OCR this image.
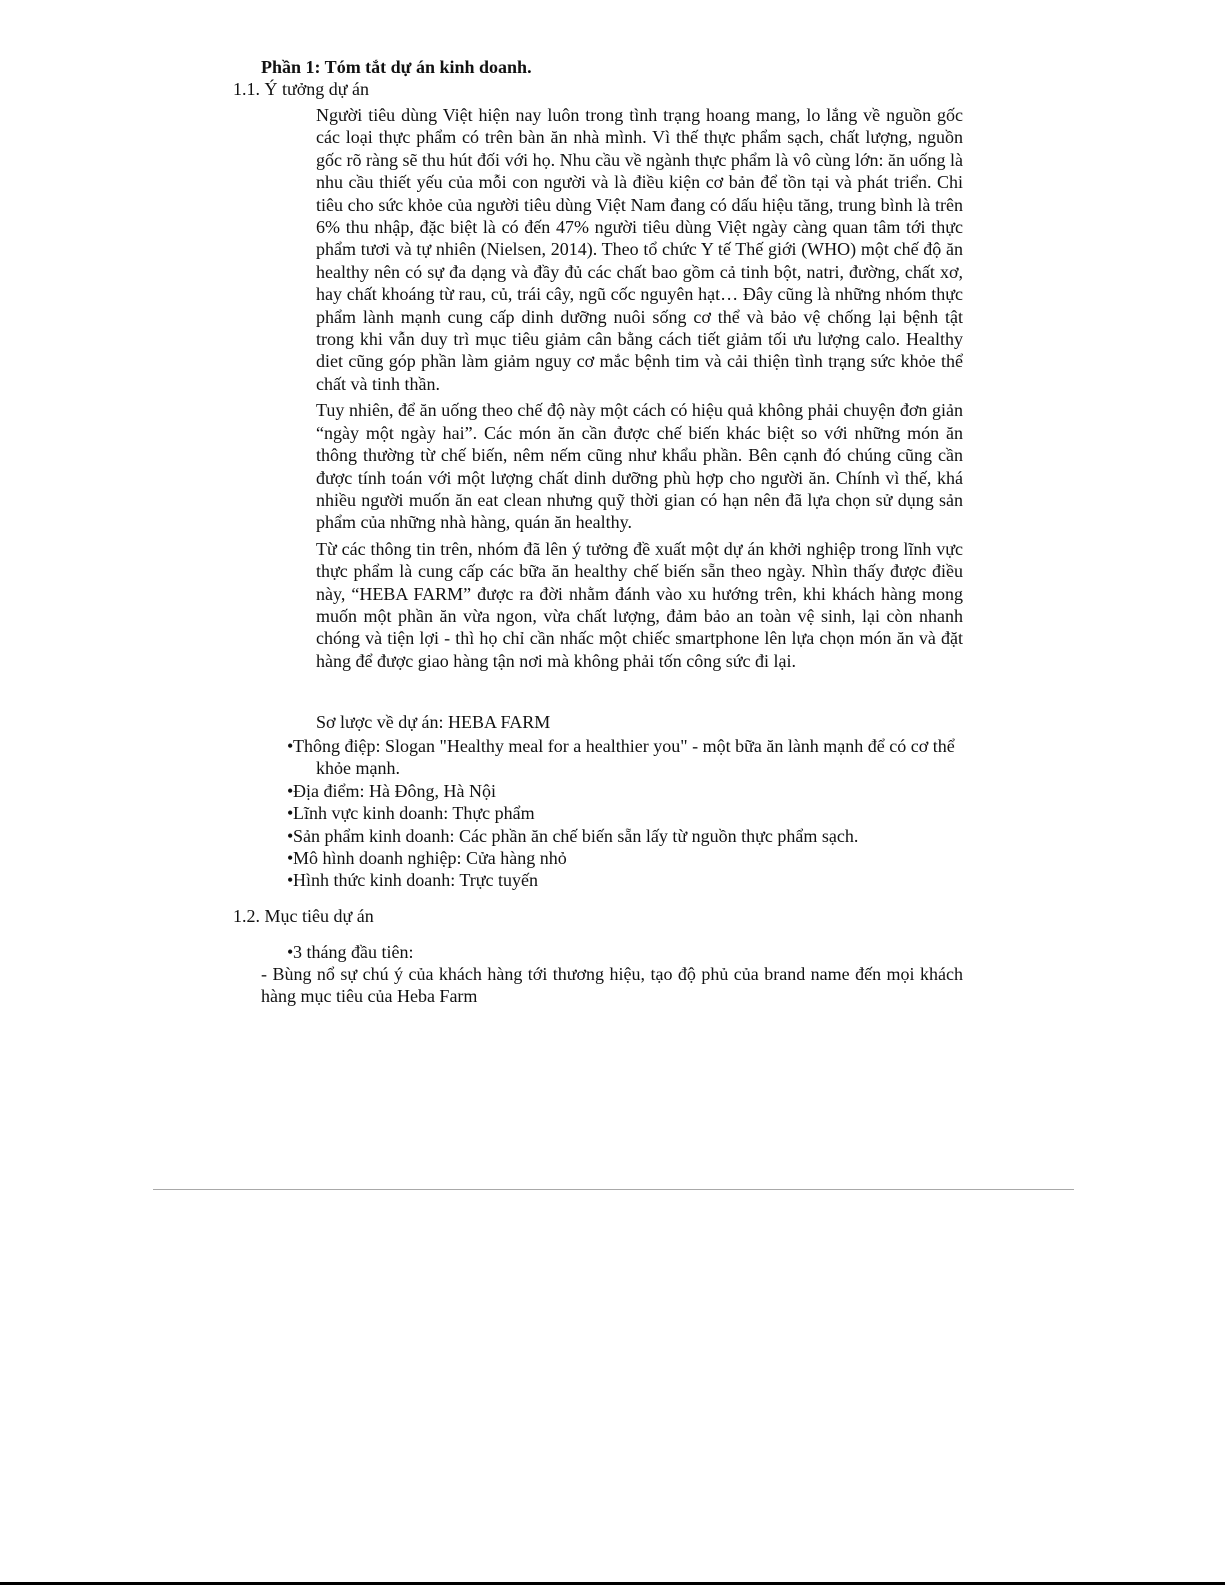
Phần 1: Tóm tắt dự án kinh doanh.
1.1. Ý tưởng dự án

Người tiêu dùng Việt hiện nay luôn trong tình trạng hoang mang, lo lắng về nguồn gốc các loại thực phẩm có trên bàn ăn nhà mình. Vì thế thực phẩm sạch, chất lượng, nguồn gốc rõ ràng sẽ thu hút đối với họ. Nhu cầu về ngành thực phẩm là vô cùng lớn: ăn uống là nhu cầu thiết yếu của mỗi con người và là điều kiện cơ bản để tồn tại và phát triển. Chi tiêu cho sức khỏe của người tiêu dùng Việt Nam đang có dấu hiệu tăng, trung bình là trên 6% thu nhập, đặc biệt là có đến 47% người tiêu dùng Việt ngày càng quan tâm tới thực phẩm tươi và tự nhiên (Nielsen, 2014). Theo tổ chức Y tế Thế giới (WHO) một chế độ ăn healthy nên có sự đa dạng và đầy đủ các chất bao gồm cả tinh bột, natri, đường, chất xơ, hay chất khoáng từ rau, củ, trái cây, ngũ cốc nguyên hạt… Đây cũng là những nhóm thực phẩm lành mạnh cung cấp dinh dưỡng nuôi sống cơ thể và bảo vệ chống lại bệnh tật trong khi vẫn duy trì mục tiêu giảm cân bằng cách tiết giảm tối ưu lượng calo. Healthy diet cũng góp phần làm giảm nguy cơ mắc bệnh tim và cải thiện tình trạng sức khỏe thể chất và tinh thần.

Tuy nhiên, để ăn uống theo chế độ này một cách có hiệu quả không phải chuyện đơn giản “ngày một ngày hai”. Các món ăn cần được chế biến khác biệt so với những món ăn thông thường từ chế biến, nêm nếm cũng như khẩu phần. Bên cạnh đó chúng cũng cần được tính toán với một lượng chất dinh dưỡng phù hợp cho người ăn. Chính vì thế, khá nhiều người muốn ăn eat clean nhưng quỹ thời gian có hạn nên đã lựa chọn sử dụng sản phẩm của những nhà hàng, quán ăn healthy.

Từ các thông tin trên, nhóm đã lên ý tưởng đề xuất một dự án khởi nghiệp trong lĩnh vực thực phẩm là cung cấp các bữa ăn healthy chế biến sẵn theo ngày. Nhìn thấy được điều này, “HEBA FARM” được ra đời nhằm đánh vào xu hướng trên, khi khách hàng mong muốn một phần ăn vừa ngon, vừa chất lượng, đảm bảo an toàn vệ sinh, lại còn nhanh chóng và tiện lợi - thì họ chỉ cần nhấc một chiếc smartphone lên lựa chọn món ăn và đặt hàng để được giao hàng tận nơi mà không phải tốn công sức đi lại.

Sơ lược về dự án: HEBA FARM

•Thông điệp: Slogan "Healthy meal for a healthier you" - một bữa ăn lành mạnh để có cơ thể khỏe mạnh.

•Địa điểm: Hà Đông, Hà Nội

•Lĩnh vực kinh doanh: Thực phẩm

•Sản phẩm kinh doanh: Các phần ăn chế biến sẵn lấy từ nguồn thực phẩm sạch.

•Mô hình doanh nghiệp: Cửa hàng nhỏ

•Hình thức kinh doanh: Trực tuyến

1.2. Mục tiêu dự án
•3 tháng đầu tiên:
- Bùng nổ sự chú ý của khách hàng tới thương hiệu, tạo độ phủ của brand name đến mọi khách hàng mục tiêu của Heba Farm
